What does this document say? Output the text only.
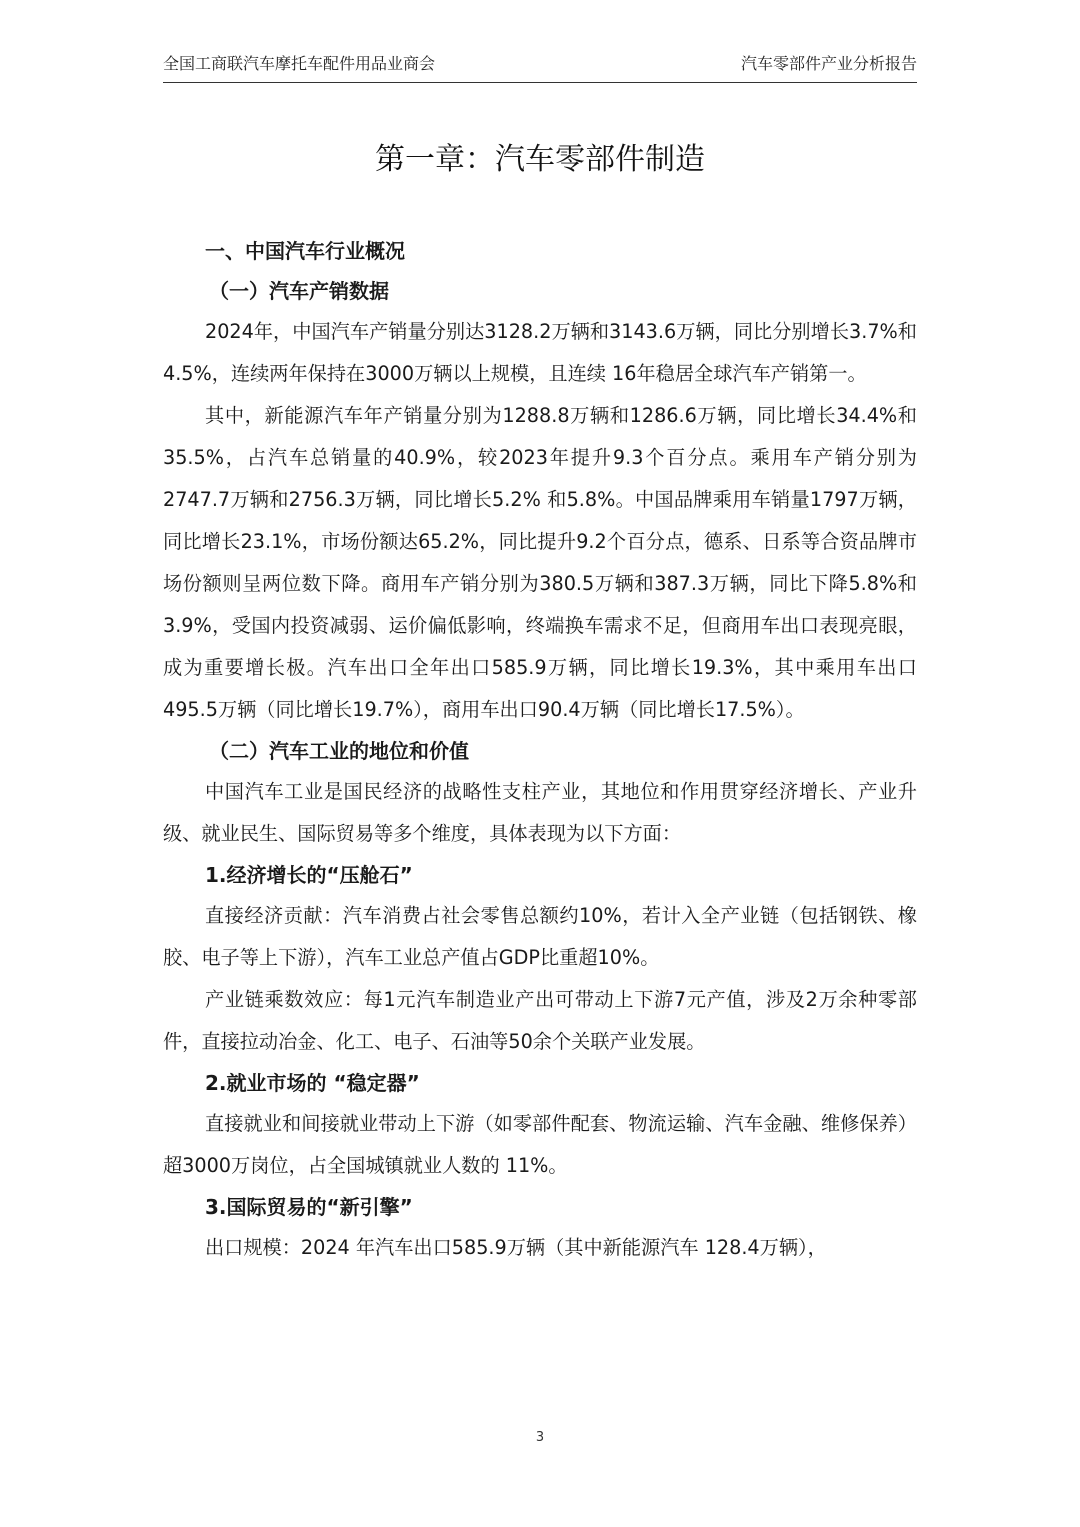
全国工商联汽车摩托车配件用品业商会	汽车零部件产业分析报告
第一章：汽车零部件制造

一、中国汽车行业概况

（一）汽车产销数据

2024年，中国汽车产销量分别达3128.2万辆和3143.6万辆，同比分别增长3.7%和4.5%，连续两年保持在3000万辆以上规模，且连续 16年稳居全球汽车产销第一。

其中，新能源汽车年产销量分别为1288.8万辆和1286.6万辆，同比增长34.4%和35.5%，占汽车总销量的40.9%，较2023年提升9.3个百分点。乘用车产销分别为2747.7万辆和2756.3万辆，同比增长5.2% 和5.8%。中国品牌乘用车销量1797万辆，同比增长23.1%，市场份额达65.2%，同比提升9.2个百分点，德系、日系等合资品牌市场份额则呈两位数下降。商用车产销分别为380.5万辆和387.3万辆，同比下降5.8%和3.9%，受国内投资减弱、运价偏低影响，终端换车需求不足，但商用车出口表现亮眼，成为重要增长极。汽车出口全年出口585.9万辆，同比增长19.3%，其中乘用车出口495.5万辆（同比增长19.7%），商用车出口90.4万辆（同比增长17.5%）。

（二）汽车工业的地位和价值

中国汽车工业是国民经济的战略性支柱产业，其地位和作用贯穿经济增长、产业升级、就业民生、国际贸易等多个维度，具体表现为以下方面：

1.经济增长的“压舱石”

直接经济贡献：汽车消费占社会零售总额约10%，若计入全产业链（包括钢铁、橡胶、电子等上下游），汽车工业总产值占GDP比重超10%。

产业链乘数效应：每1元汽车制造业产出可带动上下游7元产值，涉及2万余种零部件，直接拉动冶金、化工、电子、石油等50余个关联产业发展。

2.就业市场的 “稳定器”

直接就业和间接就业带动上下游（如零部件配套、物流运输、汽车金融、维修保养）超3000万岗位，占全国城镇就业人数的 11%。

3.国际贸易的“新引擎”

出口规模：2024 年汽车出口585.9万辆（其中新能源汽车 128.4万辆），

3
